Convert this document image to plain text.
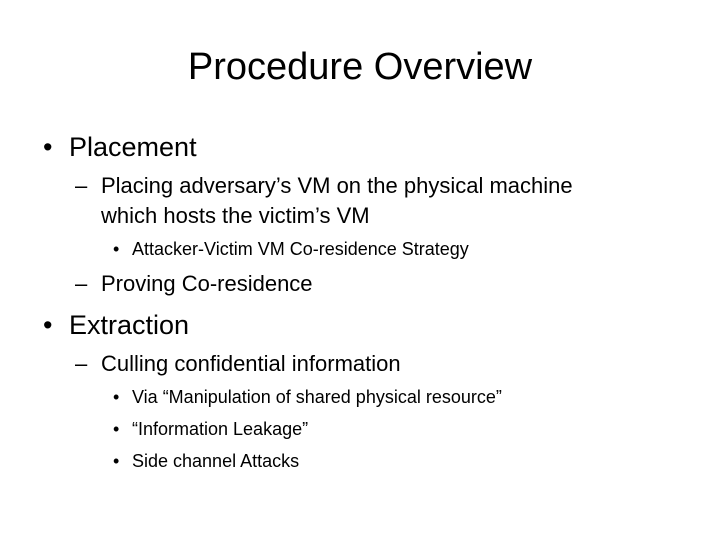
Procedure Overview
• Placement
– Placing adversary’s VM on the physical machine
which hosts the victim’s VM
• Attacker-Victim VM Co-residence Strategy
– Proving Co-residence
• Extraction
– Culling confidential information
• Via “Manipulation of shared physical resource”
• “Information Leakage”
• Side channel Attacks
